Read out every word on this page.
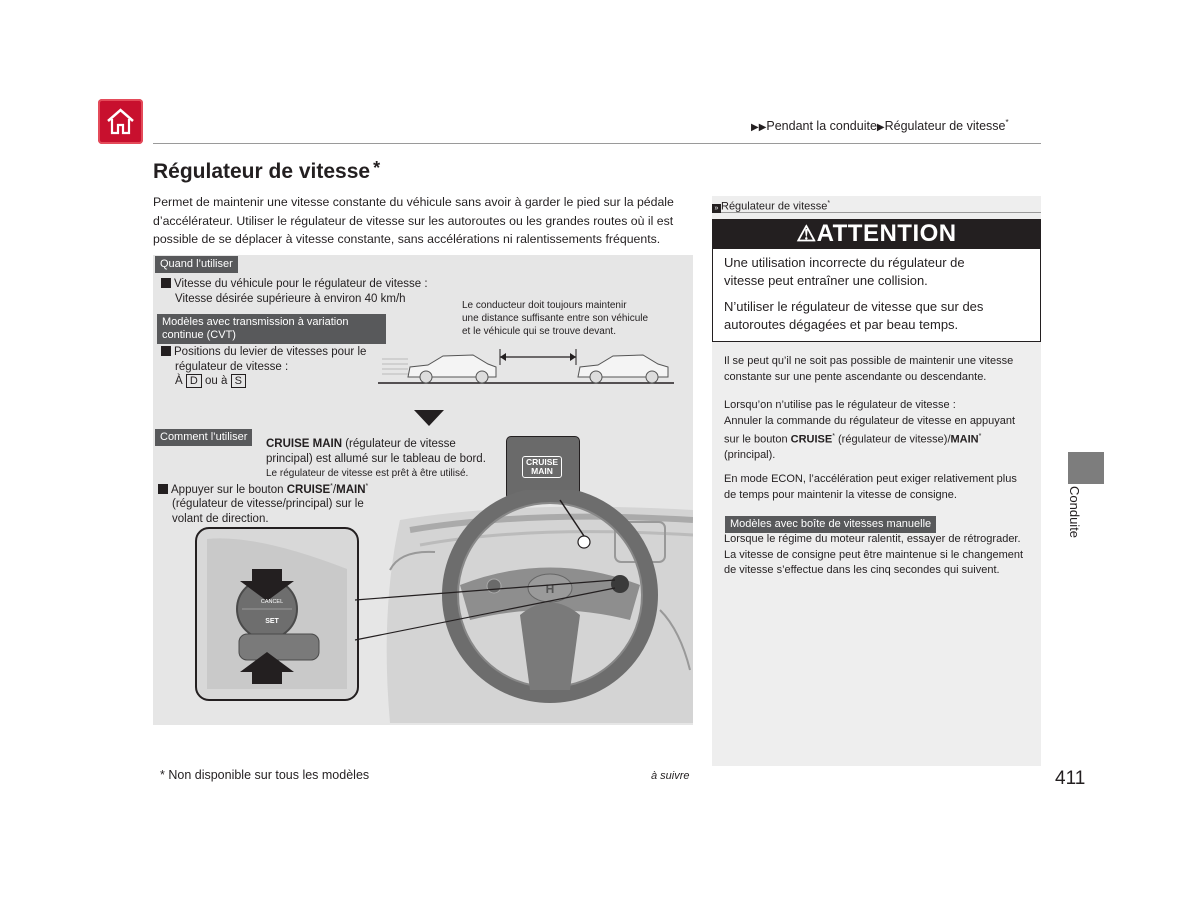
▶▶Pendant la conduite▶Régulateur de vitesse*
Régulateur de vitesse *
Permet de maintenir une vitesse constante du véhicule sans avoir à garder le pied sur la pédale d’accélérateur. Utiliser le régulateur de vitesse sur les autoroutes ou les grandes routes où il est possible de se déplacer à vitesse constante, sans accélérations ni ralentissements fréquents.
Quand l’utiliser
Vitesse du véhicule pour le régulateur de vitesse :
Vitesse désirée supérieure à environ 40 km/h
Modèles avec transmission à variation
continue (CVT)
Positions du levier de vitesses pour le
régulateur de vitesse :
À D ou à S
Le conducteur doit toujours maintenir
une distance suffisante entre son véhicule
et le véhicule qui se trouve devant.
Comment l’utiliser
CRUISE MAIN (régulateur de vitesse
principal) est allumé sur le tableau de bord.
Le régulateur de vitesse est prêt à être utilisé.
Appuyer sur le bouton CRUISE*/MAIN*
(régulateur de vitesse/principal) sur le
volant de direction.
CRUISE
MAIN
H
CANCEL
SET
» Régulateur de vitesse*
⚠ATTENTION
Une utilisation incorrecte du régulateur de
vitesse peut entraîner une collision.
N’utiliser le régulateur de vitesse que sur des
autoroutes dégagées et par beau temps.
Il se peut qu’il ne soit pas possible de maintenir une vitesse
constante sur une pente ascendante ou descendante.
Lorsqu’on n’utilise pas le régulateur de vitesse :
Annuler la commande du régulateur de vitesse en appuyant
sur le bouton CRUISE* (régulateur de vitesse)/MAIN*
(principal).
En mode ECON, l’accélération peut exiger relativement plus
de temps pour maintenir la vitesse de consigne.
Modèles avec boîte de vitesses manuelle
Lorsque le régime du moteur ralentit, essayer de rétrograder.
La vitesse de consigne peut être maintenue si le changement
de vitesse s’effectue dans les cinq secondes qui suivent.
Conduite
* Non disponible sur tous les modèles	à suivre	411
